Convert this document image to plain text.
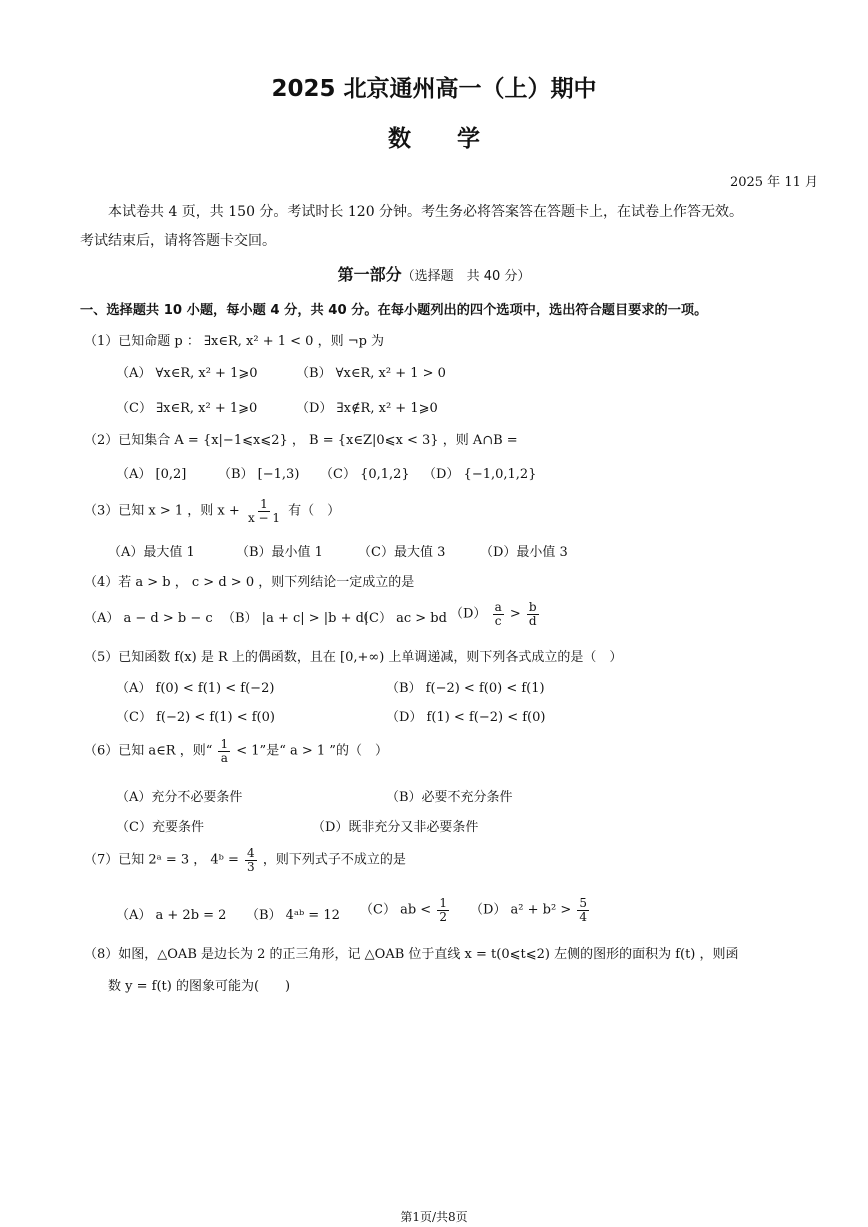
2025 北京通州高一（上）期中
数　　学
2025 年 11 月
本试卷共 4 页，共 150 分。考试时长 120 分钟。考生务必将答案答在答题卡上，在试卷上作答无效。
考试结束后，请将答题卡交回。
第一部分（选择题　共 40 分）
一、选择题共 10 小题，每小题 4 分，共 40 分。在每小题列出的四个选项中，选出符合题目要求的一项。
（1）已知命题 p ： ∃x∈R, x² + 1 < 0 ，则 ¬p 为
（A） ∀x∈R, x² + 1⩾0	（B） ∀x∈R, x² + 1 > 0
（C） ∃x∈R, x² + 1⩾0	（D） ∃x∉R, x² + 1⩾0
（2）已知集合 A = {x|−1⩽x⩽2} ， B = {x∈Z|0⩽x < 3} ，则 A∩B =
（A） [0,2] （B） [−1,3) （C） {0,1,2} （D） {−1,0,1,2}
（3）已知 x > 1 ，则 $x + \frac{1}{x - 1}$ 有（　）
（A）最大值 1	（B）最小值 1	（C）最大值 3	（D）最小值 3
（4）若 a > b ， c > d > 0 ，则下列结论一定成立的是
（A） a − d > b − c （B） |a + c| > |b + d|
（C） ac > bd $(D) \frac{a}{c} > \frac{b}{d}$
（5）已知函数 f(x) 是 R 上的偶函数，且在 [0,+∞) 上单调递减，则下列各式成立的是（　）
（A） f(0) < f(1) < f(−2)	（B） f(−2) < f(0) < f(1)
（C） f(−2) < f(1) < f(0)	（D） f(1) < f(−2) < f(0)
（6）已知 a∈R ，则“ $\frac{1}{a} < 1$”是“ a > 1 ”的（　）
（A）充分不必要条件	（B）必要不充分条件
（C）充要条件	（D）既非充分又非必要条件
（7）已知 2ᵃ = 3 ， 4ᵇ = $\frac{4}{3}$ ，则下列式子不成立的是
（A） a + 2b = 2 （B） 4ᵃᵇ = 12 （C） ab < $\frac{1}{2} (D) a^2 + b^2 > \frac{5}{4}$
（8）如图，△OAB 是边长为 2 的正三角形，记 △OAB 位于直线 x = t(0⩽t⩽2) 左侧的图形的面积为 f(t) ，则函
数 y = f(t) 的图象可能为(　　)
第1页/共8页
